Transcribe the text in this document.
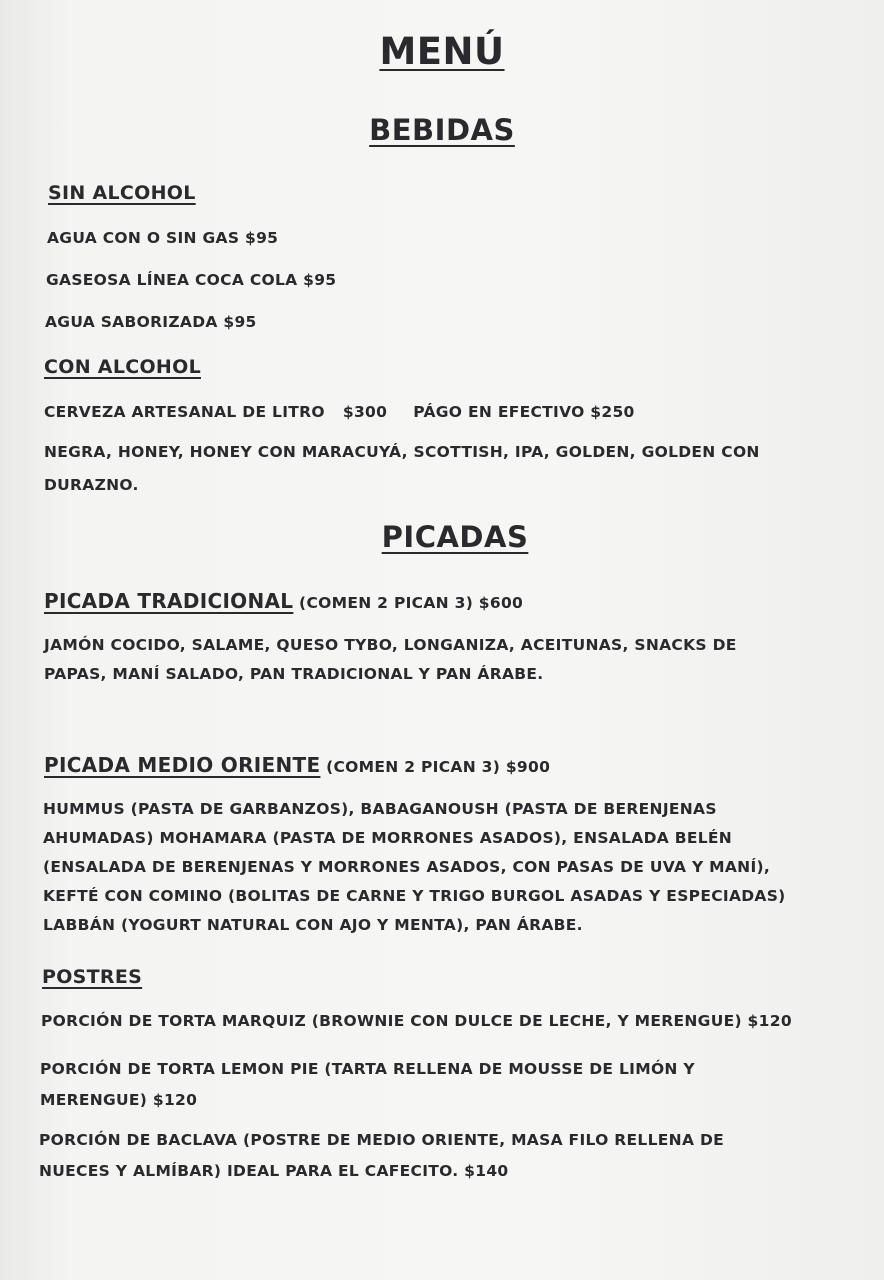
MENÚ
BEBIDAS
SIN ALCOHOL
AGUA CON O SIN GAS $95
GASEOSA LÍNEA COCA COLA $95
AGUA SABORIZADA $95
CON ALCOHOL
CERVEZA ARTESANAL DE LITRO $300 PÁGO EN EFECTIVO $250
NEGRA, HONEY, HONEY CON MARACUYÁ, SCOTTISH, IPA, GOLDEN, GOLDEN CON
DURAZNO.
PICADAS
PICADA TRADICIONAL (COMEN 2 PICAN 3) $600
JAMÓN COCIDO, SALAME, QUESO TYBO, LONGANIZA, ACEITUNAS, SNACKS DE
PAPAS, MANÍ SALADO, PAN TRADICIONAL Y PAN ÁRABE.
PICADA MEDIO ORIENTE (COMEN 2 PICAN 3) $900
HUMMUS (PASTA DE GARBANZOS), BABAGANOUSH (PASTA DE BERENJENAS
AHUMADAS) MOHAMARA (PASTA DE MORRONES ASADOS), ENSALADA BELÉN
(ENSALADA DE BERENJENAS Y MORRONES ASADOS, CON PASAS DE UVA Y MANÍ),
KEFTÉ CON COMINO (BOLITAS DE CARNE Y TRIGO BURGOL ASADAS Y ESPECIADAS)
LABBÁN (YOGURT NATURAL CON AJO Y MENTA), PAN ÁRABE.
POSTRES
PORCIÓN DE TORTA MARQUIZ (BROWNIE CON DULCE DE LECHE, Y MERENGUE) $120
PORCIÓN DE TORTA LEMON PIE (TARTA RELLENA DE MOUSSE DE LIMÓN Y
MERENGUE) $120
PORCIÓN DE BACLAVA (POSTRE DE MEDIO ORIENTE, MASA FILO RELLENA DE
NUECES Y ALMÍBAR) IDEAL PARA EL CAFECITO. $140
